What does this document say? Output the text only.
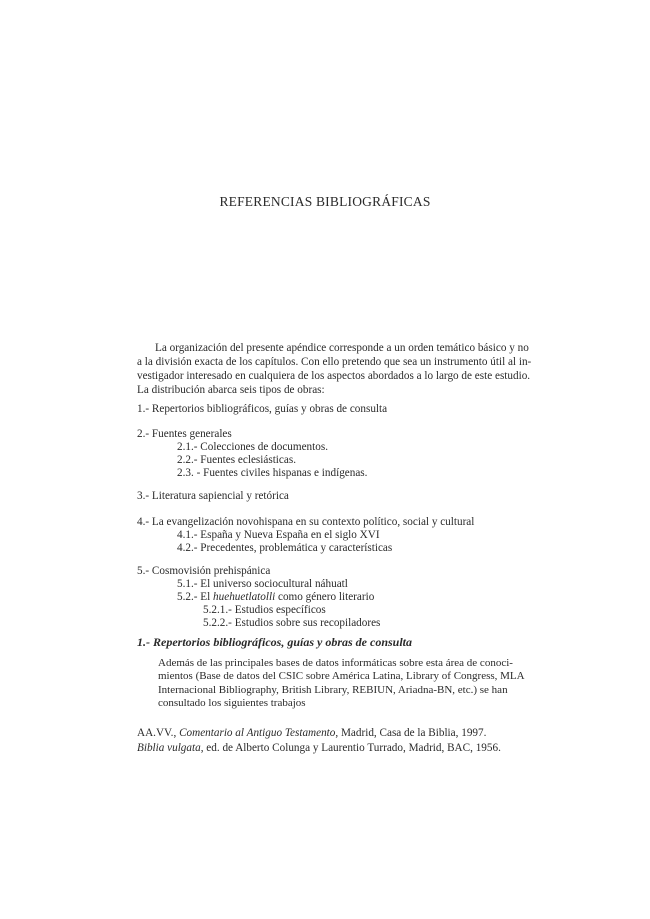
REFERENCIAS BIBLIOGRÁFICAS

La organización del presente apéndice corresponde a un orden temático básico y no
a la división exacta de los capítulos. Con ello pretendo que sea un instrumento útil al in-
vestigador interesado en cualquiera de los aspectos abordados a lo largo de este estudio.
La distribución abarca seis tipos de obras:

1.- Repertorios bibliográficos, guías y obras de consulta
2.- Fuentes generales
2.1.- Colecciones de documentos.
2.2.- Fuentes eclesiásticas.
2.3. - Fuentes civiles hispanas e indígenas.
3.- Literatura sapiencial y retórica
4.- La evangelización novohispana en su contexto político, social y cultural
4.1.- España y Nueva España en el siglo XVI
4.2.- Precedentes, problemática y características
5.- Cosmovisión prehispánica
5.1.- El universo sociocultural náhuatl
5.2.- El huehuetlatolli como género literario
5.2.1.- Estudios específicos
5.2.2.- Estudios sobre sus recopiladores
1.- Repertorios bibliográficos, guías y obras de consulta

Además de las principales bases de datos informáticas sobre esta área de conoci-
mientos (Base de datos del CSIC sobre América Latina, Library of Congress, MLA
Internacional Bibliography, British Library, REBIUN, Ariadna-BN, etc.) se han
consultado los siguientes trabajos

AA.VV., Comentario al Antiguo Testamento, Madrid, Casa de la Biblia, 1997.
Biblia vulgata, ed. de Alberto Colunga y Laurentio Turrado, Madrid, BAC, 1956.
